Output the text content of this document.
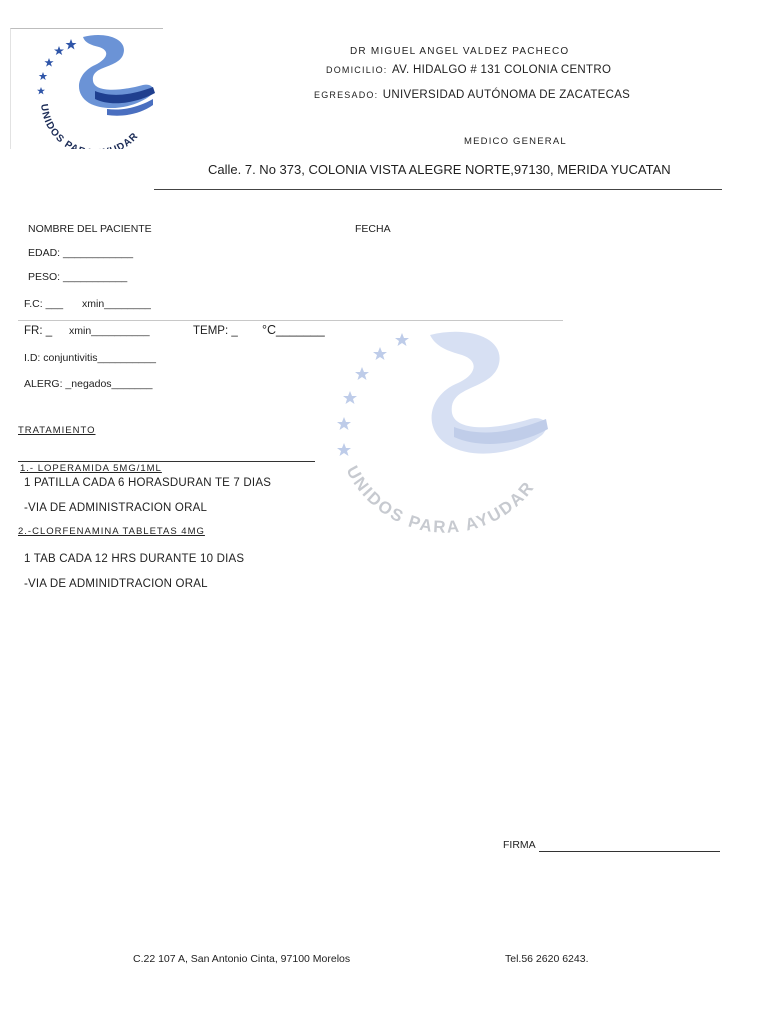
UNIDOS PA DAR
DR MIGUEL ANGEL VALDEZ PACHECO
DOMICILIO: AV. HIDALGO # 131 COLONIA CENTRO
EGRESADO: UNIVERSIDAD AUTÓNOMA DE ZACATECAS
MEDICO GENERAL
Calle. 7. No 373, COLONIA VISTA ALEGRE NORTE,97130, MERIDA YUCATAN
NOMBRE DEL PACIENTE	FECHA
EDAD: ____________
PESO: ___________
F.C: ___ xmin________
FR: _ xmin__________	TEMP: _ °C_______
I.D: conjuntivitis__________
ALERG: _negados_______
UNIDOS PARA AYUDAR
TRATAMIENTO
1.- LOPERAMIDA 5MG/1ML
1 PATILLA CADA 6 HORASDURAN TE 7 DIAS
-VIA DE ADMINISTRACION ORAL
2.-CLORFENAMINA TABLETAS 4MG
1 TAB CADA 12 HRS DURANTE 10 DIAS
-VIA DE ADMINIDTRACION ORAL
FIRMA
C.22 107 A, San Antonio Cinta, 97100 Morelos	Tel.56 2620 6243.
